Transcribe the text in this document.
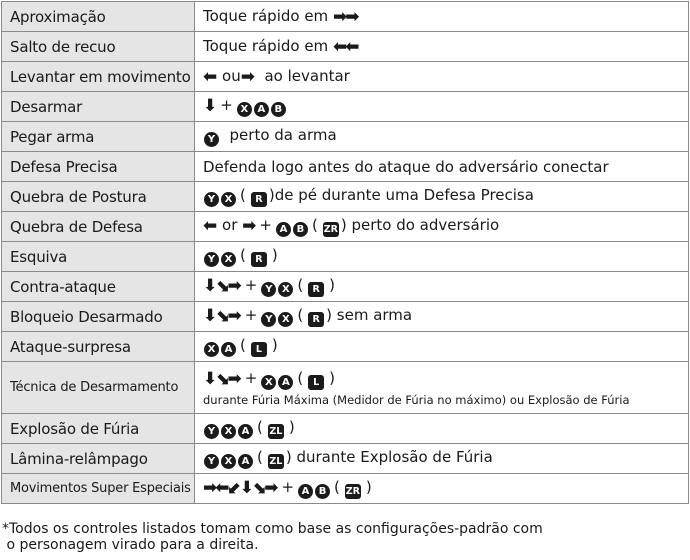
Aproximação	Toque rápido em ➡➡
Salto de recuo	Toque rápido em ⬅⬅
Levantar em movimento	⬅ ou➡  ao levantar
Desarmar	⬇ + X A B
Pegar arma	Y  perto da arma
Defesa Precisa	Defenda logo antes do ataque do adversário conectar
Quebra de Postura	Y X ( R )de pé durante uma Defesa Precisa
Quebra de Defesa	⬅ or ➡ + A B ( ZR ) perto do adversário
Esquiva	Y X ( R )
Contra-ataque	⬇⬊➡ + Y X ( R )
Bloqueio Desarmado	⬇⬊➡ + Y X ( R ) sem arma
Ataque-surpresa	X A ( L )
Técnica de Desarmamento	⬇⬊➡ + X A ( L )
durante Fúria Máxima (Medidor de Fúria no máximo) ou Explosão de Fúria

Explosão de Fúria	Y X A ( ZL )
Lâmina-relâmpago	Y X A ( ZL ) durante Explosão de Fúria
Movimentos Super Especiais	➡⬅⬋⬇⬊➡ + A B ( ZR )
*Todos os controles listados tomam como base as configurações-padrão com
o personagem virado para a direita.
